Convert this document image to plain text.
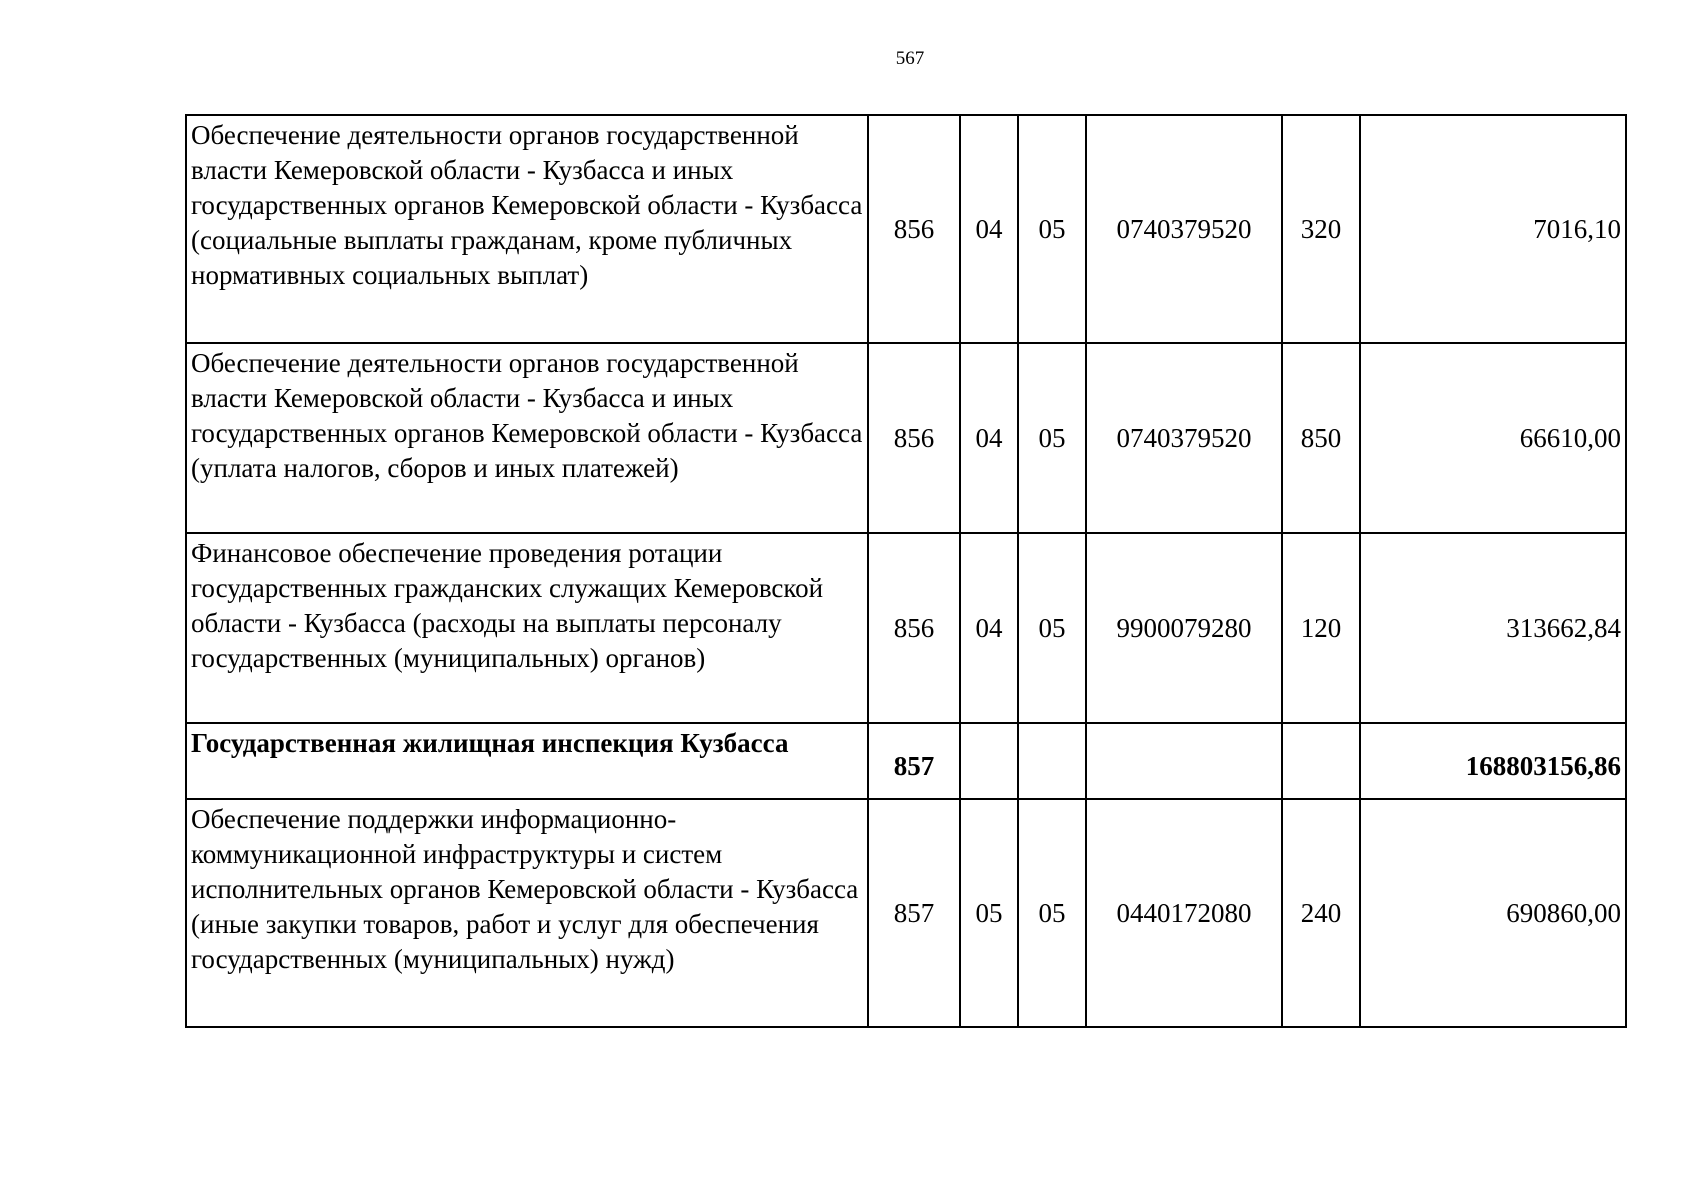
567
Обеспечение деятельности органов государственной власти Кемеровской области - Кузбасса и иных государственных органов Кемеровской области - Кузбасса (социальные выплаты гражданам, кроме публичных нормативных социальных выплат)	856	04	05	0740379520	320	7016,10
Обеспечение деятельности органов государственной власти Кемеровской области - Кузбасса и иных государственных органов Кемеровской области - Кузбасса (уплата налогов, сборов и иных платежей)	856	04	05	0740379520	850	66610,00
Финансовое обеспечение проведения ротации государственных гражданских служащих Кемеровской области - Кузбасса (расходы на выплаты персоналу государственных (муниципальных) органов)	856	04	05	9900079280	120	313662,84
Государственная жилищная инспекция Кузбасса	857					168803156,86
Обеспечение поддержки информационно-коммуникационной инфраструктуры и систем исполнительных органов Кемеровской области - Кузбасса (иные закупки товаров, работ и услуг для обеспечения государственных (муниципальных) нужд)	857	05	05	0440172080	240	690860,00
